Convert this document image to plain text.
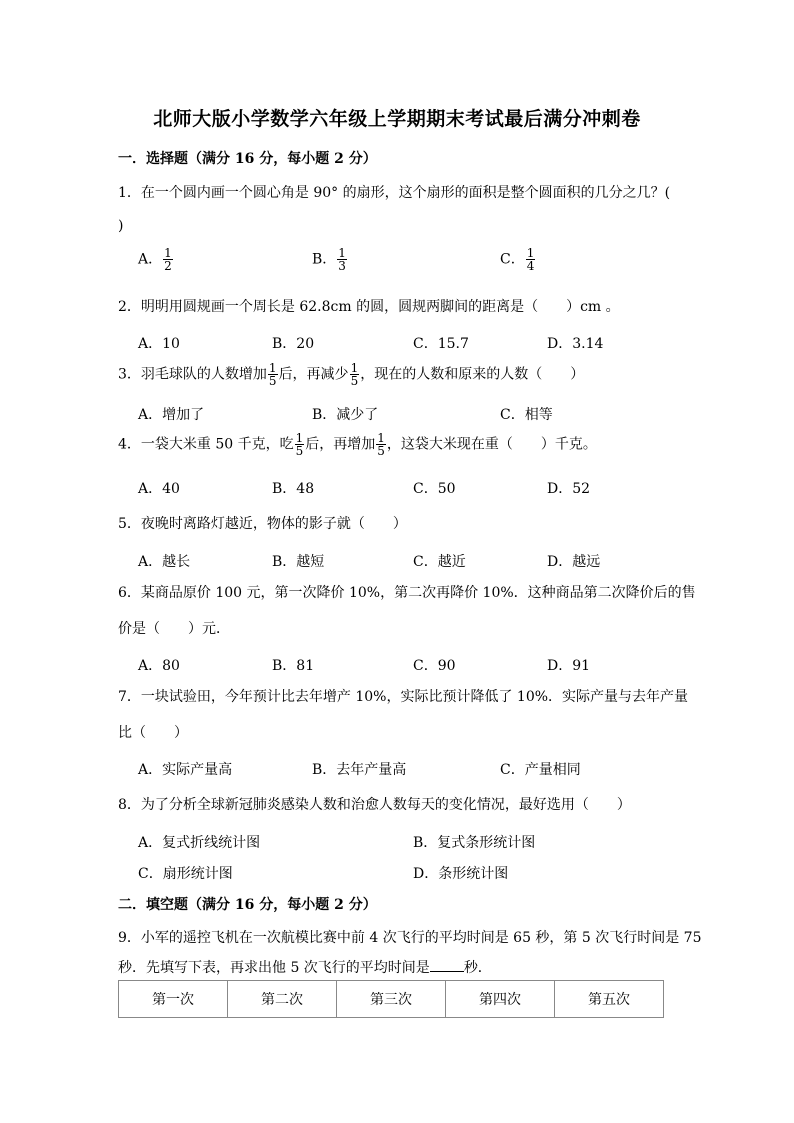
北师大版小学数学六年级上学期期末考试最后满分冲刺卷
一．选择题（满分 16 分，每小题 2 分）
1．在一个圆内画一个圆心角是 90° 的扇形，这个扇形的面积是整个圆面积的几分之几？(
)
A． $\frac{1}{2}$	B． $\frac{1}{3}$	C． $\frac{1}{4}$
2．明明用圆规画一个周长是 62.8cm 的圆，圆规两脚间的距离是（　　）cm 。
A．10	B．20	C．15.7	D．3.14
3．羽毛球队的人数增加 $\frac{1}{5}$ 后，再减少 $\frac{1}{5}$ ，现在的人数和原来的人数（　　）
A．增加了	B．减少了	C．相等
4．一袋大米重 50 千克，吃 $\frac{1}{5}$ 后，再增加 $\frac{1}{5}$ ，这袋大米现在重（　　）千克。
A．40	B．48	C．50	D．52
5．夜晚时离路灯越近，物体的影子就（　　）
A．越长	B．越短	C．越近	D．越远
6．某商品原价 100 元，第一次降价 10%，第二次再降价 10%．这种商品第二次降价后的售
价是（　　）元．
A．80	B．81	C．90	D．91
7．一块试验田，今年预计比去年增产 10%，实际比预计降低了 10%．实际产量与去年产量
比（　　）
A．实际产量高	B．去年产量高	C．产量相同
8．为了分析全球新冠肺炎感染人数和治愈人数每天的变化情况，最好选用（　　）
A．复式折线统计图	B．复式条形统计图
C．扇形统计图	D．条形统计图
二．填空题（满分 16 分，每小题 2 分）
9．小军的遥控飞机在一次航模比赛中前 4 次飞行的平均时间是 65 秒，第 5 次飞行时间是 75
秒．先填写下表，再求出他 5 次飞行的平均时间是 秒．
第一次	第二次	第三次	第四次	第五次
